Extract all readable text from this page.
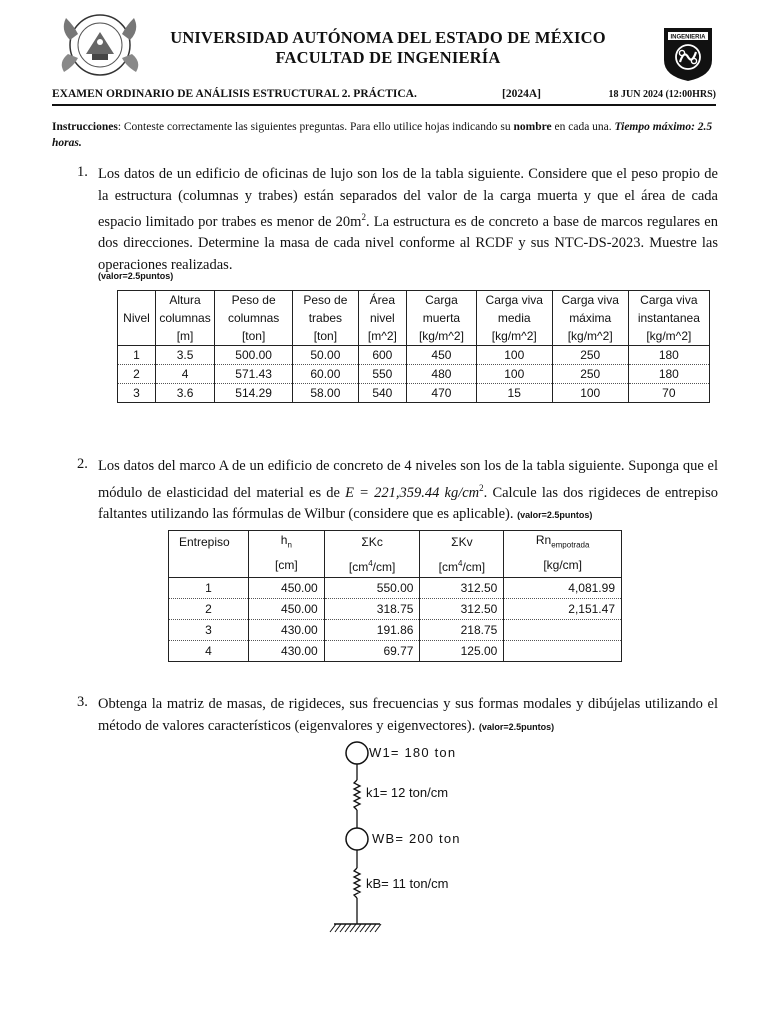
UNIVERSIDAD AUTÓNOMA DEL ESTADO DE MÉXICO
FACULTAD DE INGENIERÍA
INGENIERIA
EXAMEN ORDINARIO DE ANÁLISIS ESTRUCTURAL 2. PRÁCTICA.	[2024A]	18 JUN 2024 (12:00HRS)
Instrucciones: Conteste correctamente las siguientes preguntas. Para ello utilice hojas indicando su nombre en cada una. Tiempo máximo: 2.5 horas.
1. Los datos de un edificio de oficinas de lujo son los de la tabla siguiente. Considere que el peso propio de la estructura (columnas y trabes) están separados del valor de la carga muerta y que el área de cada espacio limitado por trabes es menor de $20m^2$. La estructura es de concreto a base de marcos regulares en dos direcciones. Determine la masa de cada nivel conforme al RCDF y sus NTC-DS-2023. Muestre las operaciones realizadas.
(valor=2.5puntos)
	Altura	Peso de	Peso de	Área	Carga	Carga viva	Carga viva	Carga viva
Nivel	columnas	columnas	trabes	nivel	muerta	media	máxima	instantanea
	[m]	[ton]	[ton]	[m^2]	[kg/m^2]	[kg/m^2]	[kg/m^2]	[kg/m^2]
1	3.5	500.00	50.00	600	450	100	250	180
2	4	571.43	60.00	550	480	100	250	180
3	3.6	514.29	58.00	540	470	15	100	70
2. Los datos del marco A de un edificio de concreto de 4 niveles son los de la tabla siguiente. Suponga que el módulo de elasticidad del material es de E = 221,359.44 $kg/cm^2$. Calcule las dos rigideces de entrepiso faltantes utilizando las fórmulas de Wilbur (considere que es aplicable). (valor=2.5puntos)
Entrepiso	$h_n$	ΣKc	ΣKv	$Rn_{empotrada}$
	[cm]	$[cm^4/cm]$	$[cm^4/cm]$	[kg/cm]
1	450.00	550.00	312.50	4,081.99
2	450.00	318.75	312.50	2,151.47
3	430.00	191.86	218.75	
4	430.00	69.77	125.00	
3. Obtenga la matriz de masas, de rigideces, sus frecuencias y sus formas modales y dibújelas utilizando el método de valores característicos (eigenvalores y eigenvectores). (valor=2.5puntos)
W1= 180 ton
k1= 12 ton/cm
WB= 200 ton
kB= 11 ton/cm
